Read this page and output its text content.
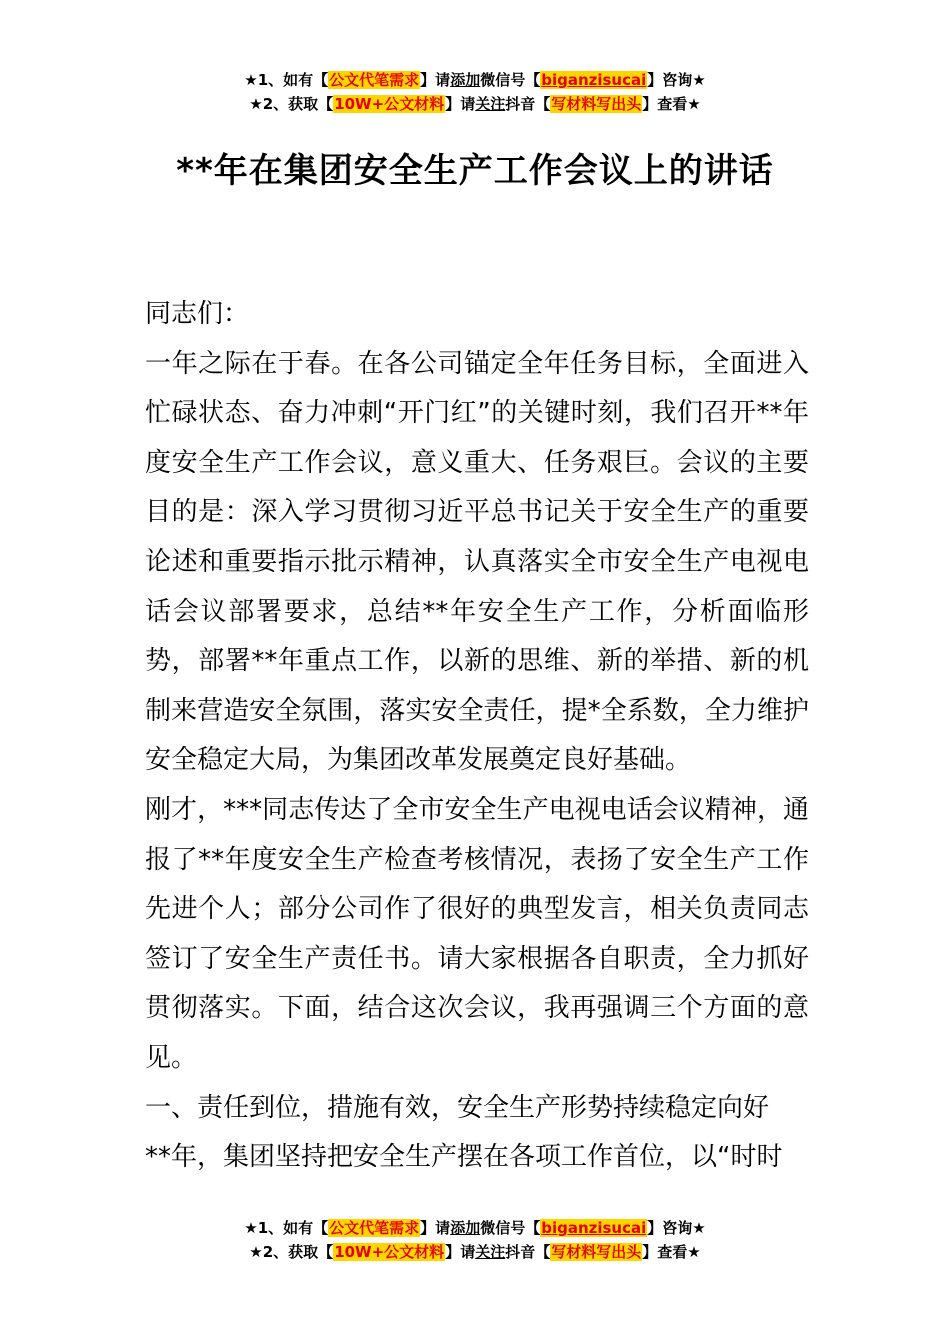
★1、如有【公文代笔需求】请添加微信号【biganzisucai】咨询★
★2、获取【10W+公文材料】请关注抖音【写材料写出头】查看★
**年在集团安全生产工作会议上的讲话

同志们：

一年之际在于春。在各公司锚定全年任务目标，全面进入忙碌状态、奋力冲刺“开门红”的关键时刻，我们召开**年度安全生产工作会议，意义重大、任务艰巨。会议的主要目的是：深入学习贯彻习近平总书记关于安全生产的重要论述和重要指示批示精神，认真落实全市安全生产电视电话会议部署要求，总结**年安全生产工作，分析面临形势，部署**年重点工作，以新的思维、新的举措、新的机制来营造安全氛围，落实安全责任，提*全系数，全力维护安全稳定大局，为集团改革发展奠定良好基础。

刚才，***同志传达了全市安全生产电视电话会议精神，通报了**年度安全生产检查考核情况，表扬了安全生产工作先进个人；部分公司作了很好的典型发言，相关负责同志签订了安全生产责任书。请大家根据各自职责，全力抓好贯彻落实。下面，结合这次会议，我再强调三个方面的意见。

一、责任到位，措施有效，安全生产形势持续稳定向好

**年，集团坚持把安全生产摆在各项工作首位，以“时时

★1、如有【公文代笔需求】请添加微信号【biganzisucai】咨询★
★2、获取【10W+公文材料】请关注抖音【写材料写出头】查看★
